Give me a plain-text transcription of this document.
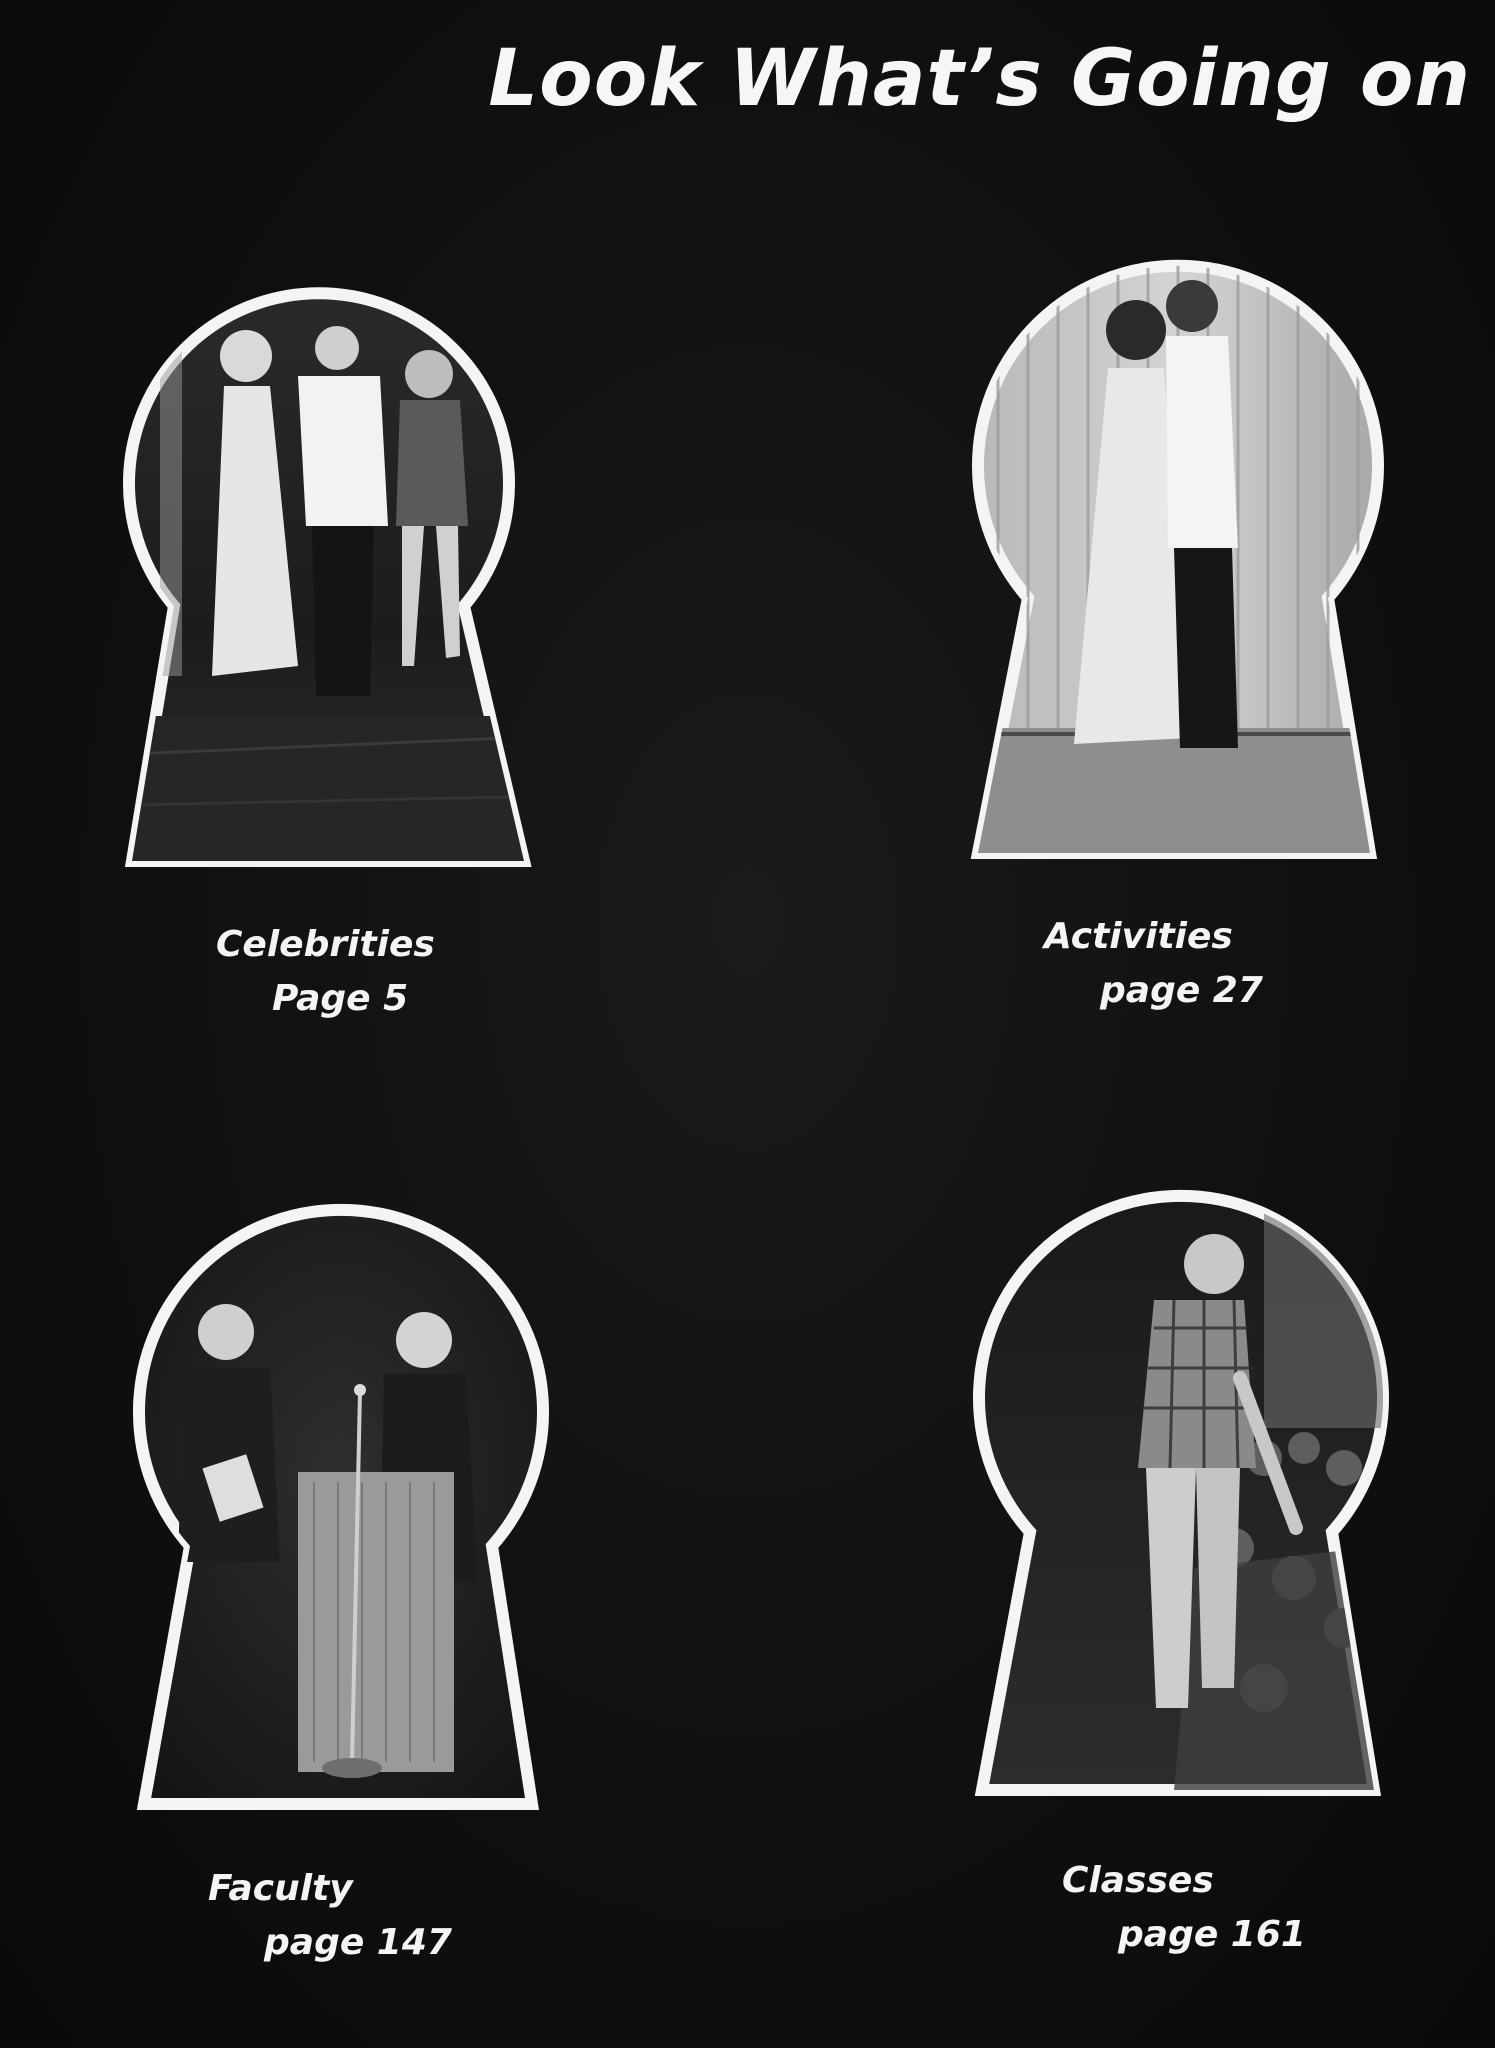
Look What’s Going on
Celebrities
Page 5
Activities
page 27
Faculty
page 147
Classes
page 161
